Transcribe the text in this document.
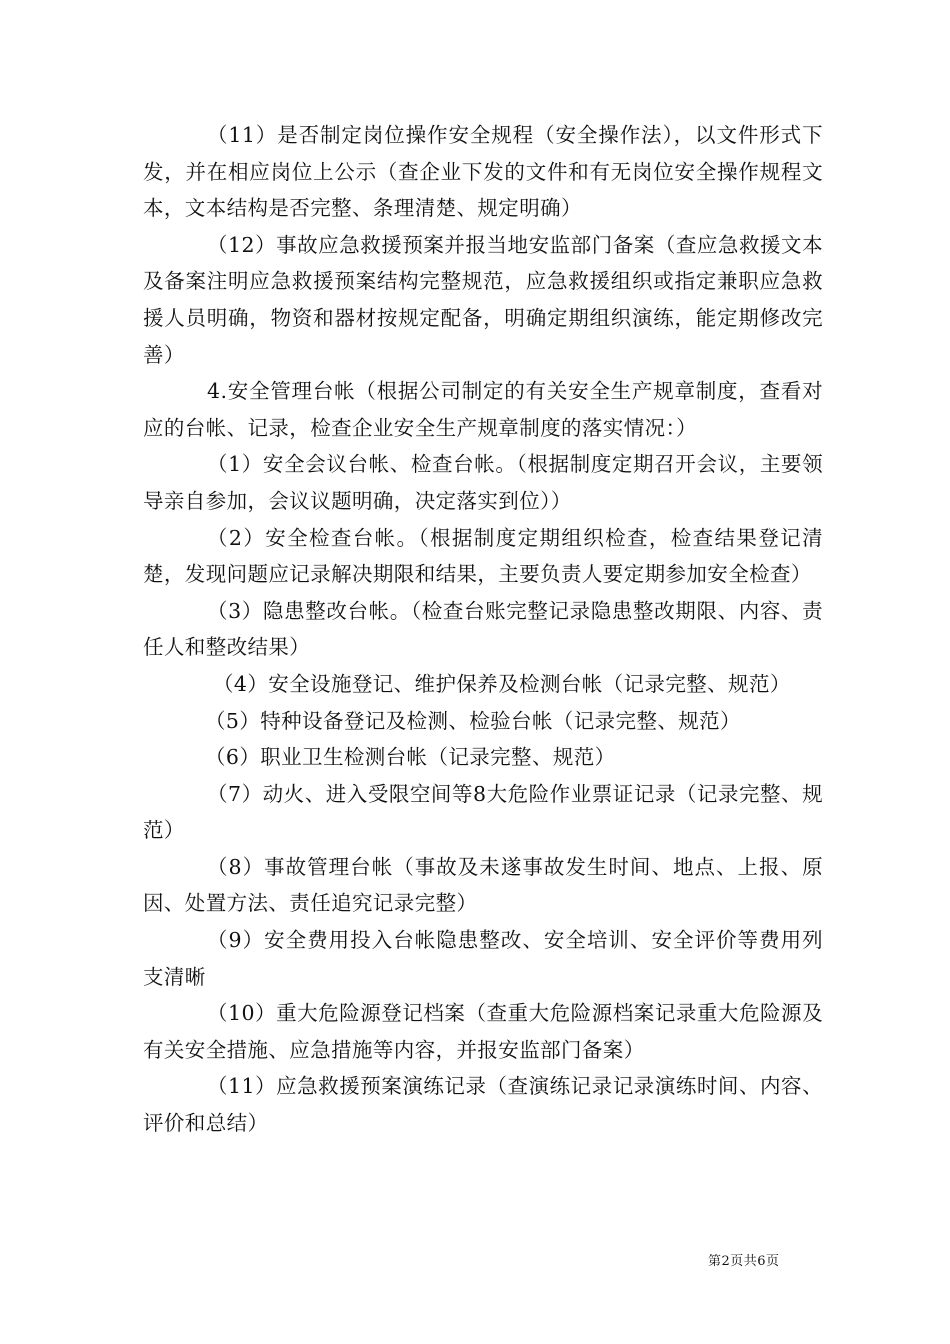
（11）是否制定岗位操作安全规程（安全操作法），以文件形式下发，并在相应岗位上公示（查企业下发的文件和有无岗位安全操作规程文本，文本结构是否完整、条理清楚、规定明确）

（12）事故应急救援预案并报当地安监部门备案（查应急救援文本及备案注明应急救援预案结构完整规范，应急救援组织或指定兼职应急救援人员明确，物资和器材按规定配备，明确定期组织演练，能定期修改完善）

4.安全管理台帐（根据公司制定的有关安全生产规章制度，查看对应的台帐、记录，检查企业安全生产规章制度的落实情况：）

（1）安全会议台帐、检查台帐。（根据制度定期召开会议，主要领导亲自参加，会议议题明确，决定落实到位））

（2）安全检查台帐。（根据制度定期组织检查，检查结果登记清楚，发现问题应记录解决期限和结果，主要负责人要定期参加安全检查）

（3）隐患整改台帐。（检查台账完整记录隐患整改期限、内容、责任人和整改结果）

（4）安全设施登记、维护保养及检测台帐（记录完整、规范）

（5）特种设备登记及检测、检验台帐（记录完整、规范）

（6）职业卫生检测台帐（记录完整、规范）

（7）动火、进入受限空间等8大危险作业票证记录（记录完整、规范）

（8）事故管理台帐（事故及未遂事故发生时间、地点、上报、原因、处置方法、责任追究记录完整）

（9）安全费用投入台帐隐患整改、安全培训、安全评价等费用列支清晰

（10）重大危险源登记档案（查重大危险源档案记录重大危险源及有关安全措施、应急措施等内容，并报安监部门备案）

（11）应急救援预案演练记录（查演练记录记录演练时间、内容、评价和总结）

第2页共6页
